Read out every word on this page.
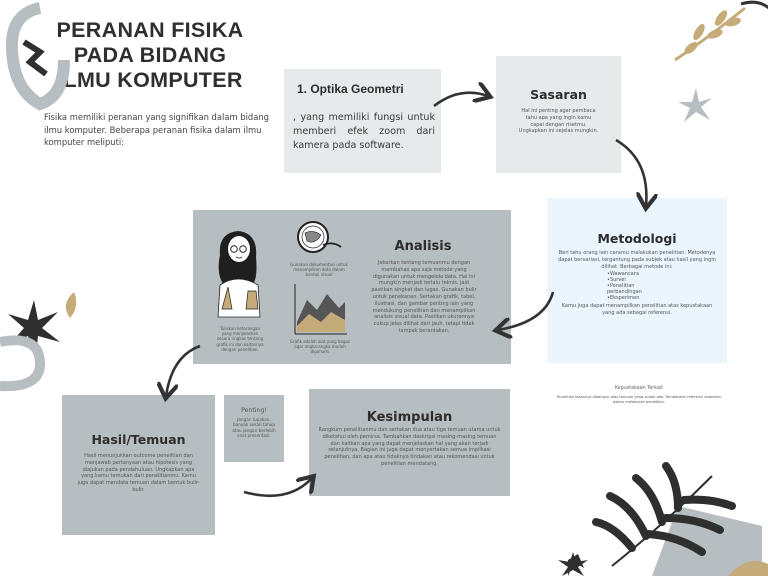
PERANAN FISIKA
PADA BIDANG
ILMU KOMPUTER
Fisika memiliki peranan yang signifikan dalam bidang ilmu komputer. Beberapa peranan fisika dalam ilmu komputer meliputi:
1. Optika Geometri
, yang memiliki fungsi untuk memberi efek zoom dari kamera pada software.
Sasaran
Hal ini penting agar pembaca tahu apa yang ingin kamu capai dengan risetmu. Ungkapkan ini sejelas mungkin.
Metodologi
Beri tahu orang lain caramu melakukan penelitian. Metodenya dapat bervariasi, tergantung pada subjek atau hasil yang ingin dilihat. Berbagai metode ini:
• Wawancara
• Survei
• Penelitian perbandingan
• Eksperimen
Kamu juga dapat menampilkan penelitian atas kepustakaan yang ada sebagai referensi.
Tuliskan keterangan yang menjelaskan secara ringkas tentang grafik ini dan kaitannya dengan penelitian.
Gunakan dokumentasi untuk menampilkan data dalam bentuk visual
Grafik adalah alat yang bagus agar angka-angka mudah dipahami
Analisis
Jabarkan tentang temuanmu dengan membahas apa saja metode yang digunakan untuk mengelola data. Hal ini mungkin menjadi terlalu teknis, jadi pastikan singkat dan lugas. Gunakan bulir untuk penekanan. Sertakan grafik, tabel, ilustrasi, dan gambar penting lain yang mendukung penelitian dan menampilkan analisis visual data. Pastikan ukurannya cukup jelas dilihat dari jauh, tetapi tidak tampak berantakan.
Hasil/Temuan
Hasil menunjukkan outcome penelitian dan menjawab pertanyaan atau hipotesis yang diajukan pada pendahuluan. Ungkapkan apa yang kamu temukan dari penelitianmu. Kamu juga dapat mendata temuan dalam bentuk bulir-bulir.
Penting!
Jangan lupakan, banyak sekali tahap atau jangan berlebih saat presentasi.
Kesimpulan
Rangkum penelitianmu dan sertakan dua atau tiga temuan utama untuk diketahui oleh pemirsa. Tambahkan deskripsi masing-masing temuan dan kaitkan apa yang dapat menjelaskan hal yang akan terjadi selanjutnya. Bagian ini juga dapat menyertakan semua implikasi penelitian, dan apa atau tidaknya tindakan atau rekomendasi untuk penelitian mendatang.
Kepustakaan Terkait
Penelitian biasanya dibangun atas temuan yang sudah ada. Tambahkan referensi utamamu dalam melakukan penelitian.
